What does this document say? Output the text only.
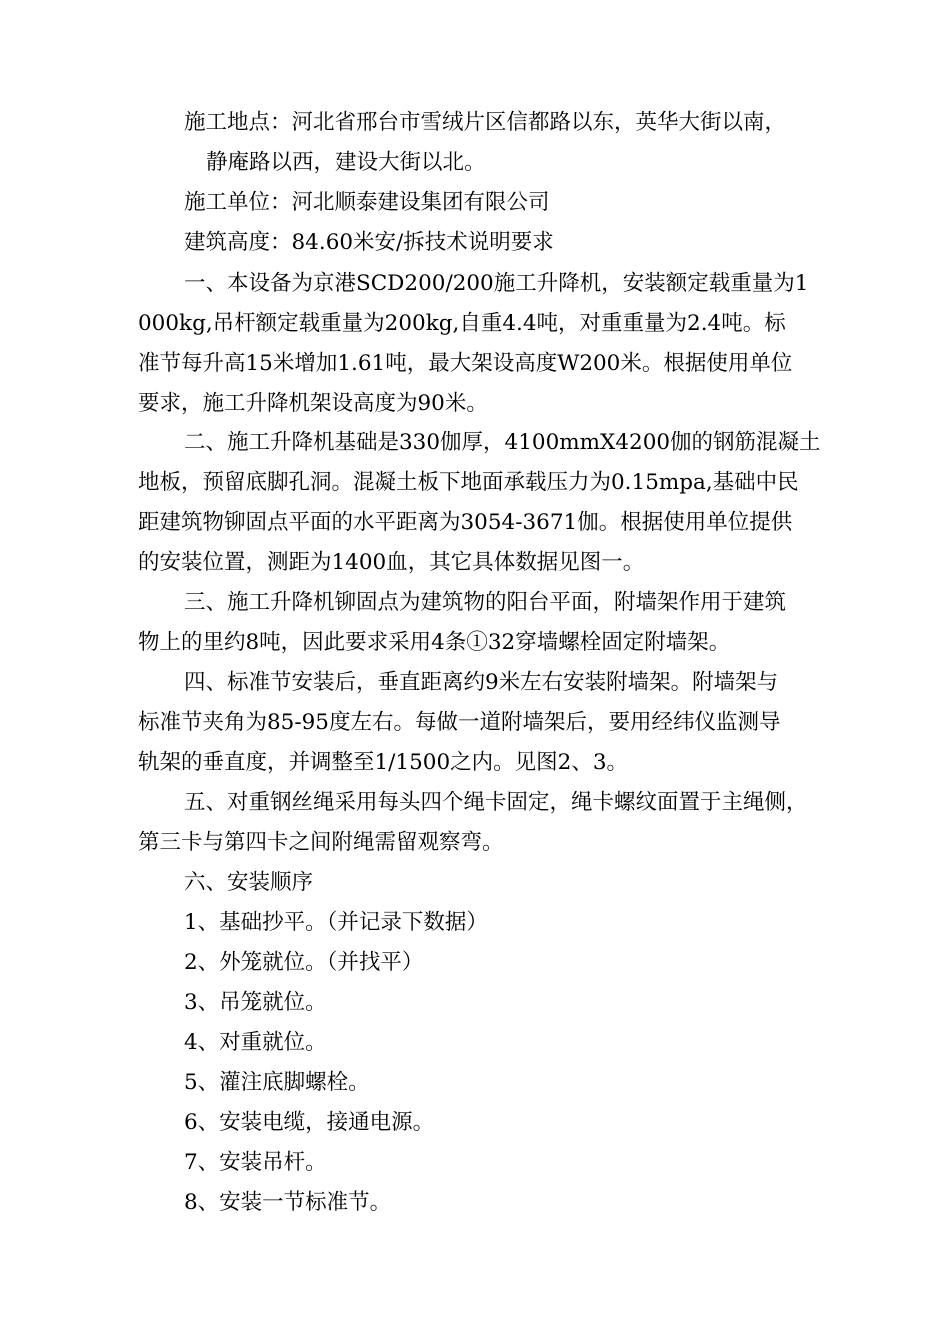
施工地点：河北省邢台市雪绒片区信都路以东，英华大街以南，

静庵路以西，建设大街以北。

施工单位：河北顺泰建设集团有限公司

建筑高度：84.60米安/拆技术说明要求

一、本设备为京港SCD200/200施工升降机，安装额定载重量为1

000kg,吊杆额定载重量为200kg,自重4.4吨，对重重量为2.4吨。标

准节每升高15米增加1.61吨，最大架设高度W200米。根据使用单位

要求，施工升降机架设高度为90米。

二、施工升降机基础是330伽厚，4100mmX4200伽的钢筋混凝土

地板，预留底脚孔洞。混凝土板下地面承载压力为0.15mpa,基础中民

距建筑物铆固点平面的水平距离为3054-3671伽。根据使用单位提供

的安装位置，测距为1400血，其它具体数据见图一。

三、施工升降机铆固点为建筑物的阳台平面，附墙架作用于建筑

物上的里约8吨，因此要求采用4条①32穿墙螺栓固定附墙架。

四、标准节安装后，垂直距离约9米左右安装附墙架。附墙架与

标准节夹角为85-95度左右。每做一道附墙架后，要用经纬仪监测导

轨架的垂直度，并调整至1/1500之内。见图2、3。

五、对重钢丝绳采用每头四个绳卡固定，绳卡螺纹面置于主绳侧，

第三卡与第四卡之间附绳需留观察弯。

六、安装顺序

1、基础抄平。（并记录下数据）

2、外笼就位。（并找平）

3、吊笼就位。

4、对重就位。

5、灌注底脚螺栓。

6、安装电缆，接通电源。

7、安装吊杆。

8、安装一节标准节。
